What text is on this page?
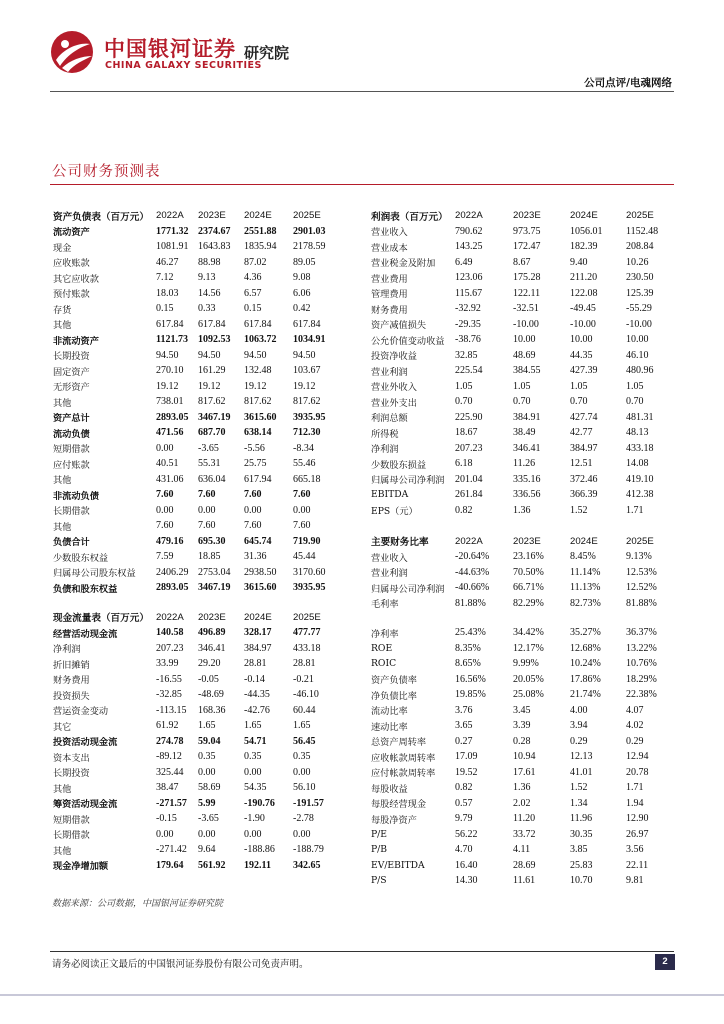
中国银河证券
CHINA GALAXY SECURITIES
研究院
公司点评/电魂网络
公司财务预测表
资产负债表（百万元）	2022A	2023E	2024E	2025E
流动资产	1771.32	2374.67	2551.88	2901.03
现金	1081.91	1643.83	1835.94	2178.59
应收账款	46.27	88.98	87.02	89.05
其它应收款	7.12	9.13	4.36	9.08
预付账款	18.03	14.56	6.57	6.06
存货	0.15	0.33	0.15	0.42
其他	617.84	617.84	617.84	617.84
非流动资产	1121.73	1092.53	1063.72	1034.91
长期投资	94.50	94.50	94.50	94.50
固定资产	270.10	161.29	132.48	103.67
无形资产	19.12	19.12	19.12	19.12
其他	738.01	817.62	817.62	817.62
资产总计	2893.05	3467.19	3615.60	3935.95
流动负债	471.56	687.70	638.14	712.30
短期借款	0.00	-3.65	-5.56	-8.34
应付账款	40.51	55.31	25.75	55.46
其他	431.06	636.04	617.94	665.18
非流动负债	7.60	7.60	7.60	7.60
长期借款	0.00	0.00	0.00	0.00
其他	7.60	7.60	7.60	7.60
负债合计	479.16	695.30	645.74	719.90
少数股东权益	7.59	18.85	31.36	45.44
归属母公司股东权益	2406.29	2753.04	2938.50	3170.60
负债和股东权益	2893.05	3467.19	3615.60	3935.95

现金流量表（百万元）	2022A	2023E	2024E	2025E
经营活动现金流	140.58	496.89	328.17	477.77
净利润	207.23	346.41	384.97	433.18
折旧摊销	33.99	29.20	28.81	28.81
财务费用	-16.55	-0.05	-0.14	-0.21
投资损失	-32.85	-48.69	-44.35	-46.10
营运资金变动	-113.15	168.36	-42.76	60.44
其它	61.92	1.65	1.65	1.65
投资活动现金流	274.78	59.04	54.71	56.45
资本支出	-89.12	0.35	0.35	0.35
长期投资	325.44	0.00	0.00	0.00
其他	38.47	58.69	54.35	56.10
筹资活动现金流	-271.57	5.99	-190.76	-191.57
短期借款	-0.15	-3.65	-1.90	-2.78
长期借款	0.00	0.00	0.00	0.00
其他	-271.42	9.64	-188.86	-188.79
现金净增加额	179.64	561.92	192.11	342.65
利润表（百万元）	2022A	2023E	2024E	2025E
营业收入	790.62	973.75	1056.01	1152.48
营业成本	143.25	172.47	182.39	208.84
营业税金及附加	6.49	8.67	9.40	10.26
营业费用	123.06	175.28	211.20	230.50
管理费用	115.67	122.11	122.08	125.39
财务费用	-32.92	-32.51	-49.45	-55.29
资产减值损失	-29.35	-10.00	-10.00	-10.00
公允价值变动收益	-38.76	10.00	10.00	10.00
投资净收益	32.85	48.69	44.35	46.10
营业利润	225.54	384.55	427.39	480.96
营业外收入	1.05	1.05	1.05	1.05
营业外支出	0.70	0.70	0.70	0.70
利润总额	225.90	384.91	427.74	481.31
所得税	18.67	38.49	42.77	48.13
净利润	207.23	346.41	384.97	433.18
少数股东损益	6.18	11.26	12.51	14.08
归属母公司净利润	201.04	335.16	372.46	419.10
EBITDA	261.84	336.56	366.39	412.38
EPS（元）	0.82	1.36	1.52	1.71

主要财务比率	2022A	2023E	2024E	2025E
营业收入	-20.64%	23.16%	8.45%	9.13%
营业利润	-44.63%	70.50%	11.14%	12.53%
归属母公司净利润	-40.66%	66.71%	11.13%	12.52%
毛利率	81.88%	82.29%	82.73%	81.88%

净利率	25.43%	34.42%	35.27%	36.37%
ROE	8.35%	12.17%	12.68%	13.22%
ROIC	8.65%	9.99%	10.24%	10.76%
资产负债率	16.56%	20.05%	17.86%	18.29%
净负债比率	19.85%	25.08%	21.74%	22.38%
流动比率	3.76	3.45	4.00	4.07
速动比率	3.65	3.39	3.94	4.02
总资产周转率	0.27	0.28	0.29	0.29
应收帐款周转率	17.09	10.94	12.13	12.94
应付帐款周转率	19.52	17.61	41.01	20.78
每股收益	0.82	1.36	1.52	1.71
每股经营现金	0.57	2.02	1.34	1.94
每股净资产	9.79	11.20	11.96	12.90
P/E	56.22	33.72	30.35	26.97
P/B	4.70	4.11	3.85	3.56
EV/EBITDA	16.40	28.69	25.83	22.11
P/S	14.30	11.61	10.70	9.81
数据来源：公司数据，中国银河证券研究院
请务必阅读正文最后的中国银河证券股份有限公司免责声明。	2
